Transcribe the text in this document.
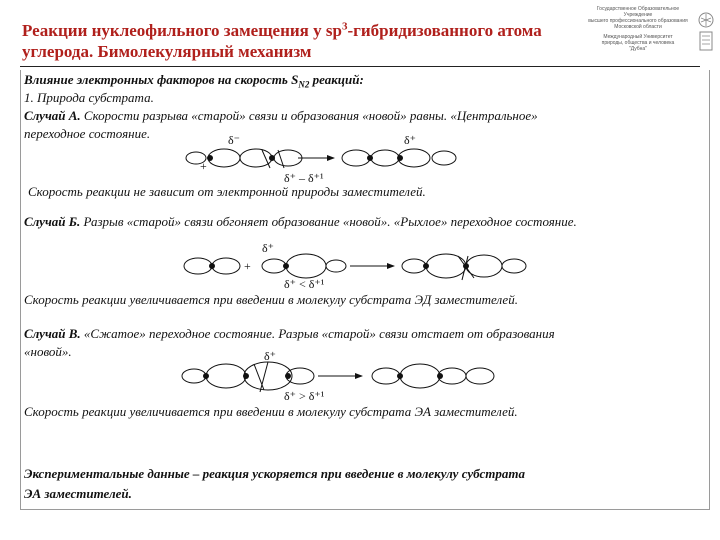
Реакции нуклеофильного замещения у $sp^3$-гибридизованного атома
углерода. Бимолекулярный механизм
Государственное Образовательное Учреждение
высшего профессионального образования
Московской области
Международный Университет
природы, общества и человека
"Дубна"
Влияние электронных факторов на скорость $S_{N2}$ реакций:
1. Природа субстрата.
Случай А. Скорости разрыва «старой» связи и образования «новой» равны. «Центральное»
переходное состояние.
Скорость реакции не зависит от электронной природы заместителей.
Случай Б. Разрыв «старой» связи обгоняет образование «новой». «Рыхлое» переходное состояние.
Скорость реакции увеличивается при введении в молекулу субстрата ЭД заместителей.
Случай В. «Сжатое» переходное состояние. Разрыв «старой» связи отстает от образования
«новой».
Скорость реакции увеличивается при введении в молекулу субстрата ЭА заместителей.
Экспериментальные данные – реакция ускоряется при введение в молекулу субстрата
ЭА заместителей.
+
δ⁻	δ⁺
δ⁺ – δ⁺¹
+
δ⁺
δ⁺ < δ⁺¹
δ⁺
δ⁺ > δ⁺¹
